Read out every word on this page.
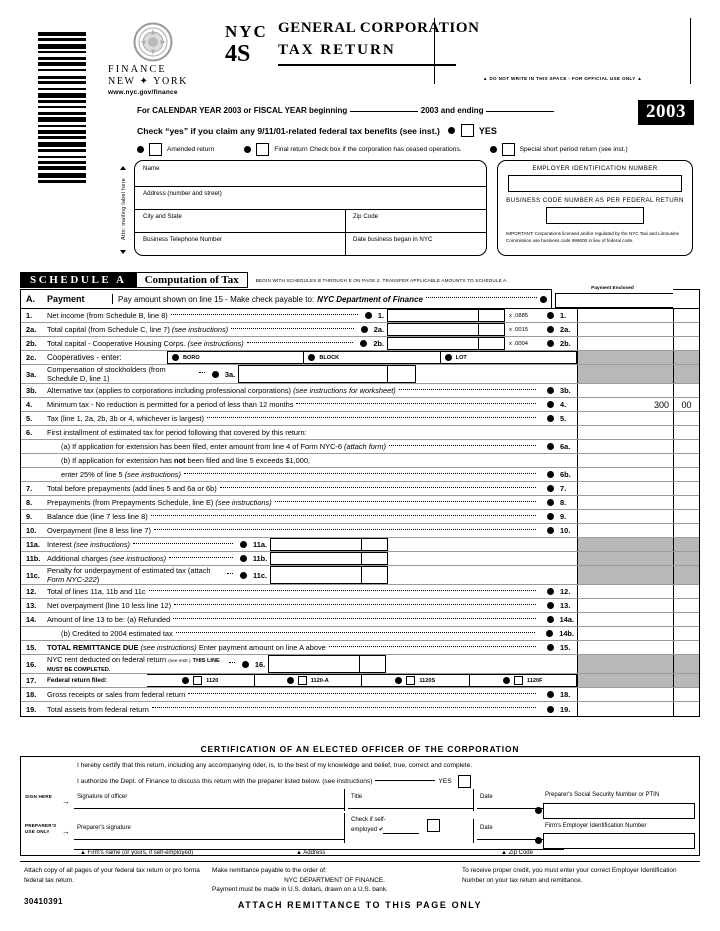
FINANCE
NEW ✦ YORK
www.nyc.gov/finance
NYC
4S
GENERAL CORPORATION
TAX RETURN
▲ DO NOT WRITE IN THIS SPACE - FOR OFFICIAL USE ONLY ▲
2003
For CALENDAR YEAR 2003 or FISCAL YEAR beginning	2003 and ending
Check “yes” if you claim any 9/11/01-related federal tax benefits (see inst.)	YES
Amended return	Final return Check box if the corporation has ceased operations.	Special short period return (see inst.)
Attn: mailing label here
Name
Address (number and street)
City and State	Zip Code
Business Telephone Number	Date business began in NYC
EMPLOYER IDENTIFICATION NUMBER
BUSINESS CODE NUMBER AS PER FEDERAL RETURN
IMPORTANT: Corporations licensed and/or regulated by the NYC Taxi and Limousine Commission use business code 999000 in lieu of federal code.
SCHEDULE A	Computation of Tax	BEGIN WITH SCHEDULES B THROUGH E ON PAGE 2. TRANSFER APPLICABLE AMOUNTS TO SCHEDULE A.
A.	Payment	Pay amount shown on line 15 - Make check payable to: NYC Department of Finance
Payment Enclosed
1.	Net income (from Schedule B, line 8)	1.	x .0885	1.
2a.	Total capital (from Schedule C, line 7) (see instructions)	2a.	x .0015	2a.
2b.	Total capital - Cooperative Housing Corps. (see instructions)	2b.	x .0004	2b.
2c.	Cooperatives - enter:	BORO	BLOCK	LOT
3a.	Compensation of stockholders (from Schedule D, line 1)	3a.
3b.	Alternative tax (applies to corporations including professional corporations) (see instructions for worksheet)	3b.
4.	Minimum tax - No reduction is permitted for a period of less than 12 months	4.	300	00
5.	Tax (line 1, 2a, 2b, 3b or 4, whichever is largest)	5.
6.	First installment of estimated tax for period following that covered by this return:
(a) If application for extension has been filed, enter amount from line 4 of Form NYC-6 (attach form)	6a.
(b) If application for extension has not been filed and line 5 exceeds $1,000,
enter 25% of line 5 (see instructions)	6b.
7.	Total before prepayments (add lines 5 and 6a or 6b)	7.
8.	Prepayments (from Prepayments Schedule, line E) (see instructions)	8.
9.	Balance due (line 7 less line 8)	9.
10.	Overpayment (line 8 less line 7)	10.
11a. Interest (see instructions)	11a.
11b. Additional charges (see instructions)	11b.
11c. Penalty for underpayment of estimated tax (attach Form NYC-222)	11c.
12.	Total of lines 11a, 11b and 11c	12.
13.	Net overpayment (line 10 less line 12)	13.
14.	Amount of line 13 to be: (a) Refunded	14a.
(b) Credited to 2004 estimated tax	14b.
15.	TOTAL REMITTANCE DUE (see instructions) Enter payment amount on line A above	15.
16.	NYC rent deducted on federal return (see instr.) THIS LINE MUST BE COMPLETED.
16.
17.	Federal return filed:	1120	1120-A	1120S	1120F
18.	Gross receipts or sales from federal return	18.
19.	Total assets from federal return	19.
CERTIFICATION OF AN ELECTED OFFICER OF THE CORPORATION
I hereby certify that this return, including any accompanying rider, is, to the best of my knowledge and belief, true, correct and complete.
I authorize the Dept. of Finance to discuss this return with the preparer listed below. (see instructions)	YES
SIGN HERE
PREPARER'S USE ONLY
→
→
Signature of officer	Title	Date
Preparer's signature
Check if self-
employed ✔	Date
Preparer's Social Security Number or PTIN
Firm's Employer Identification Number
▲ Firm's name (or yours, if self-employed)	▲ Address	▲ Zip Code
Attach copy of all pages of your federal tax return or pro forma federal tax return.
Make remittance payable to the order of:
NYC DEPARTMENT OF FINANCE.
Payment must be made in U.S. dollars, drawn on a U.S. bank.
To receive proper credit, you must enter your correct Employer Identification Number on your tax return and remittance.
30410391	ATTACH REMITTANCE TO THIS PAGE ONLY
